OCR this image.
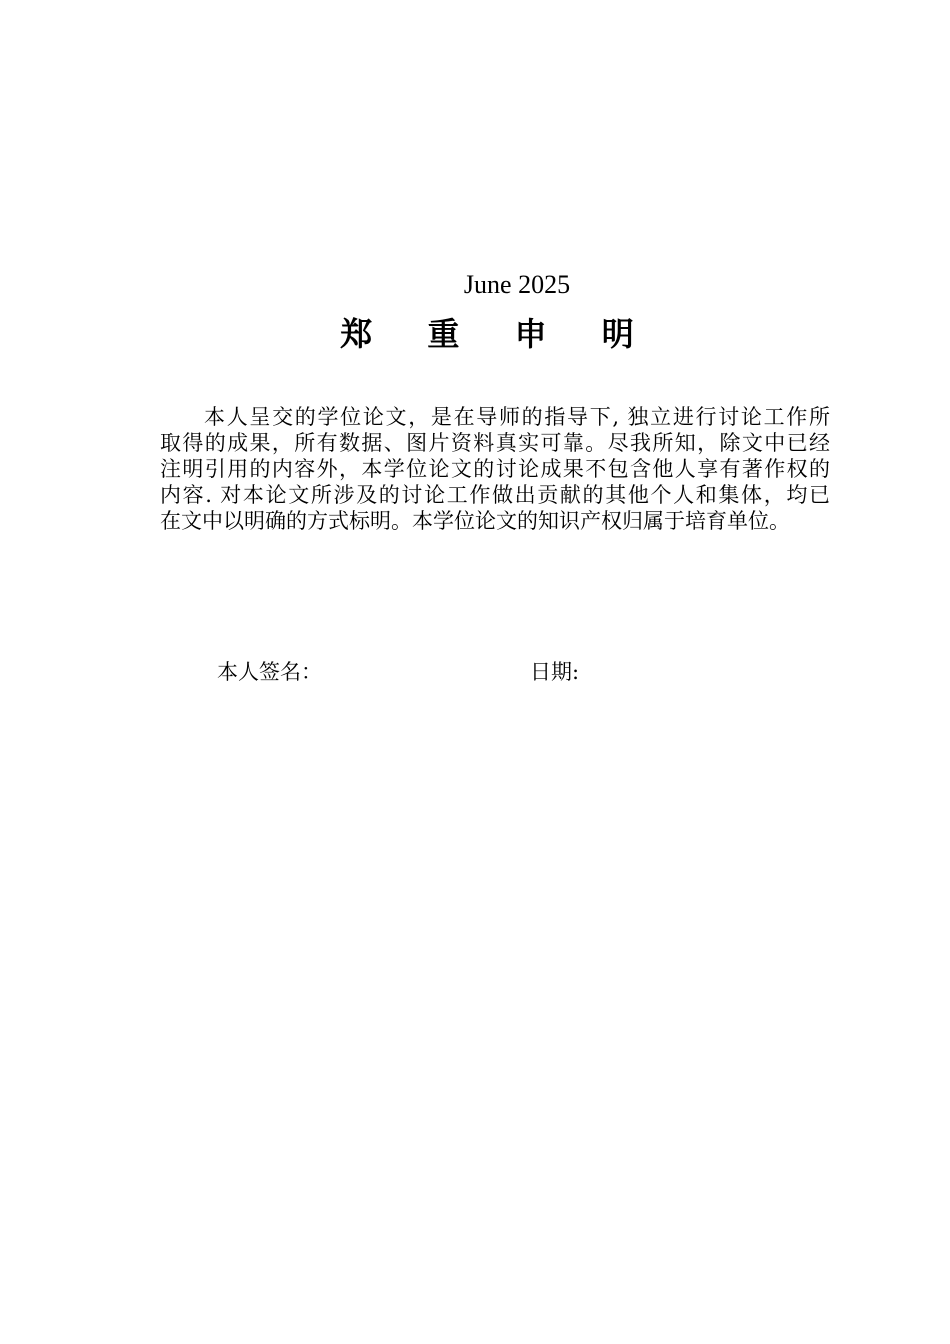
June 2025
郑 重 申 明
本人呈交的学位论文，是在导师的指导下, 独立进行讨论工作所
取得的成果，所有数据、图片资料真实可靠。尽我所知，除文中已经
注明引用的内容外，本学位论文的讨论成果不包含他人享有著作权的
内容. 对本论文所涉及的讨论工作做出贡献的其他个人和集体，均已
在文中以明确的方式标明。本学位论文的知识产权归属于培育单位。
本人签名：	日期:
